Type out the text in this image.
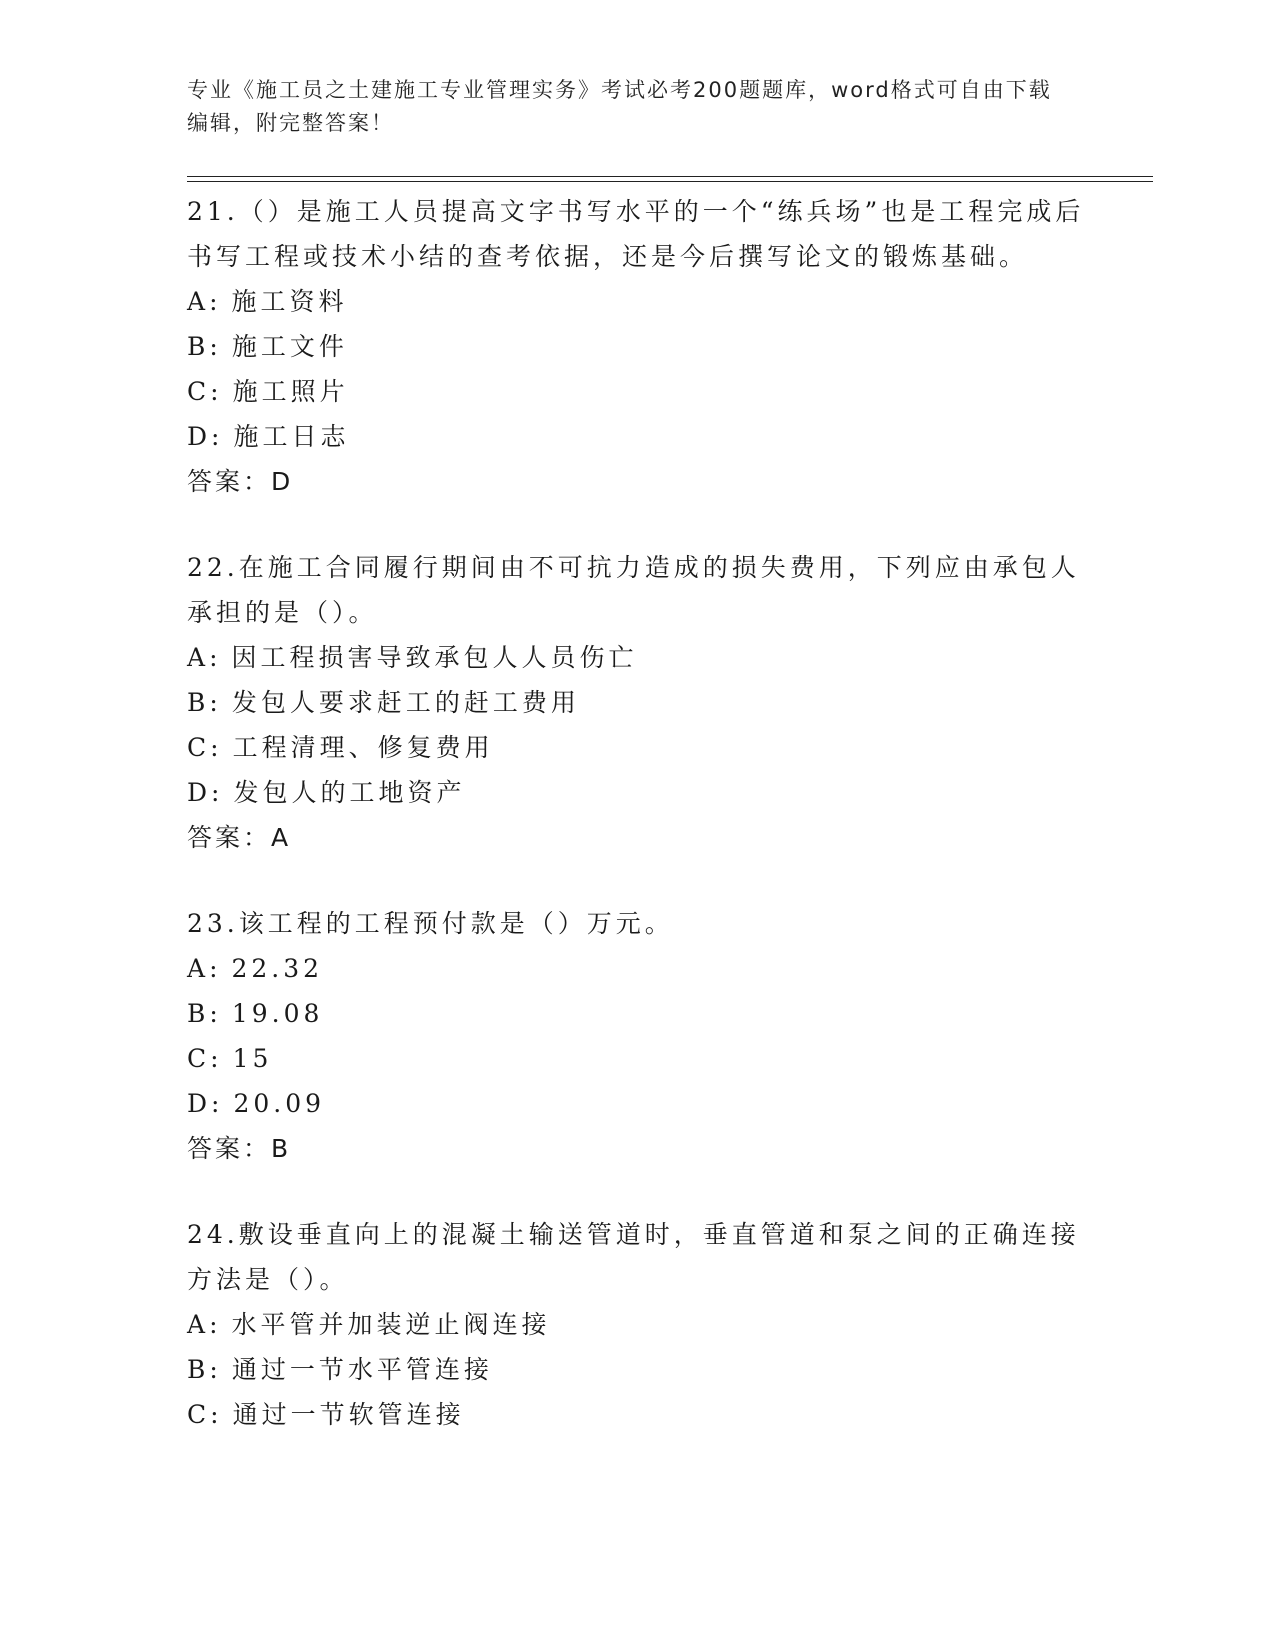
专业《施工员之土建施工专业管理实务》考试必考200题题库，word格式可自由下载编辑，附完整答案！
21.（）是施工人员提高文字书写水平的一个“练兵场”也是工程完成后书写工程或技术小结的查考依据，还是今后撰写论文的锻炼基础。
A: 施工资料
B: 施工文件
C: 施工照片
D: 施工日志
答案：D
22.在施工合同履行期间由不可抗力造成的损失费用，下列应由承包人承担的是（）。
A: 因工程损害导致承包人人员伤亡
B: 发包人要求赶工的赶工费用
C: 工程清理、修复费用
D: 发包人的工地资产
答案：A
23.该工程的工程预付款是（）万元。
A: 22.32
B: 19.08
C: 15
D: 20.09
答案：B
24.敷设垂直向上的混凝土输送管道时，垂直管道和泵之间的正确连接方法是（）。
A: 水平管并加装逆止阀连接
B: 通过一节水平管连接
C: 通过一节软管连接
